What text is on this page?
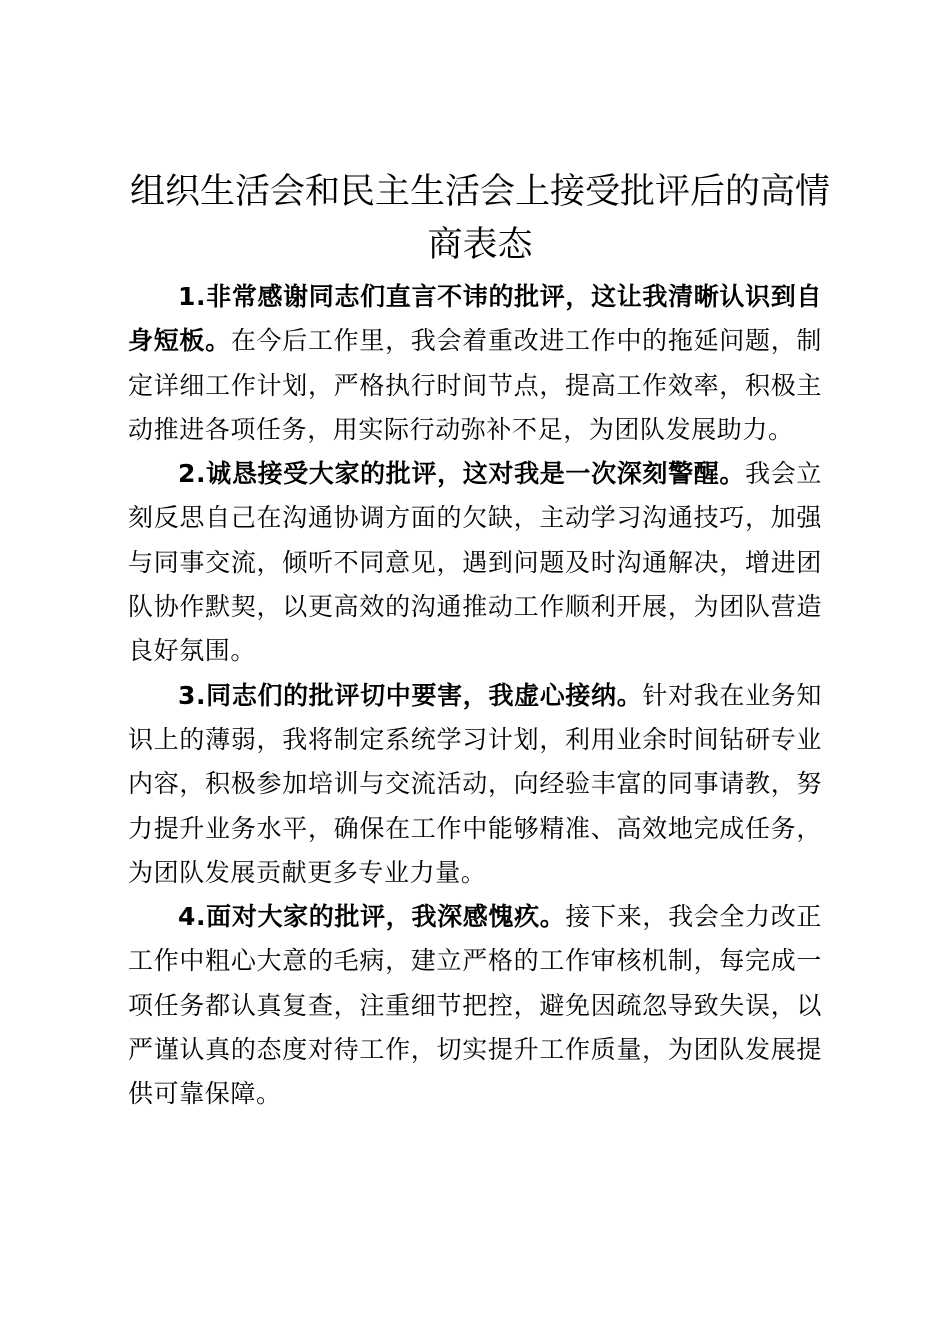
组织生活会和民主生活会上接受批评后的高情商表态

1.非常感谢同志们直言不讳的批评，这让我清晰认识到自身短板。在今后工作里，我会着重改进工作中的拖延问题，制定详细工作计划，严格执行时间节点，提高工作效率，积极主动推进各项任务，用实际行动弥补不足，为团队发展助力。

2.诚恳接受大家的批评，这对我是一次深刻警醒。我会立刻反思自己在沟通协调方面的欠缺，主动学习沟通技巧，加强与同事交流，倾听不同意见，遇到问题及时沟通解决，增进团队协作默契，以更高效的沟通推动工作顺利开展，为团队营造良好氛围。

3.同志们的批评切中要害，我虚心接纳。针对我在业务知识上的薄弱，我将制定系统学习计划，利用业余时间钻研专业内容，积极参加培训与交流活动，向经验丰富的同事请教，努力提升业务水平，确保在工作中能够精准、高效地完成任务，为团队发展贡献更多专业力量。

4.面对大家的批评，我深感愧疚。接下来，我会全力改正工作中粗心大意的毛病，建立严格的工作审核机制，每完成一项任务都认真复查，注重细节把控，避免因疏忽导致失误，以严谨认真的态度对待工作，切实提升工作质量，为团队发展提供可靠保障。
